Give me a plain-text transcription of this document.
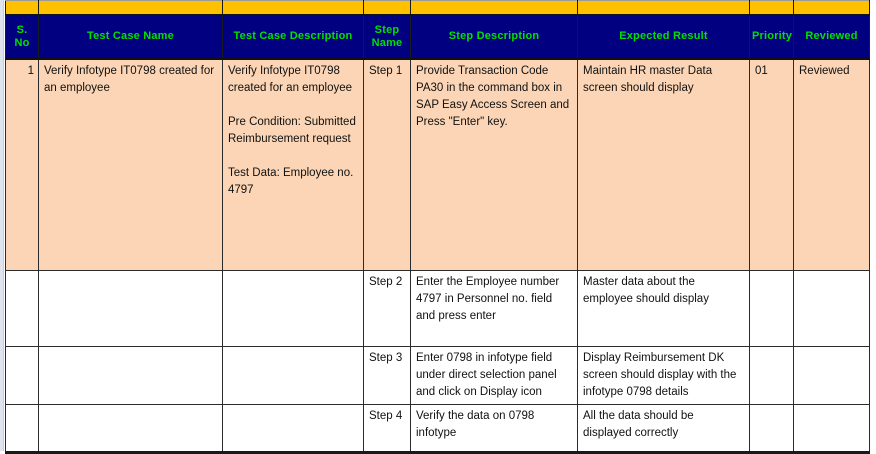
S. No	Test Case Name	Test Case Description	Step Name	Step Description	Expected Result	Priority	Reviewed
1	Verify Infotype IT0798 created for an employee	Verify Infotype IT0798 created for an employee
Pre Condition: Submitted Reimbursement request
Test Data: Employee no. 4797	Step 1	Provide Transaction Code PA30 in the command box in SAP Easy Access Screen and Press "Enter" key.	Maintain HR master Data screen should display	01	Reviewed
			Step 2	Enter the Employee number 4797 in Personnel no. field and press enter	Master data about the employee should display		
			Step 3	Enter 0798 in infotype field under direct selection panel and click on Display icon	Display Reimbursement DK screen should display with the infotype 0798 details		
			Step 4	Verify the data on 0798 infotype	All the data should be displayed correctly		
